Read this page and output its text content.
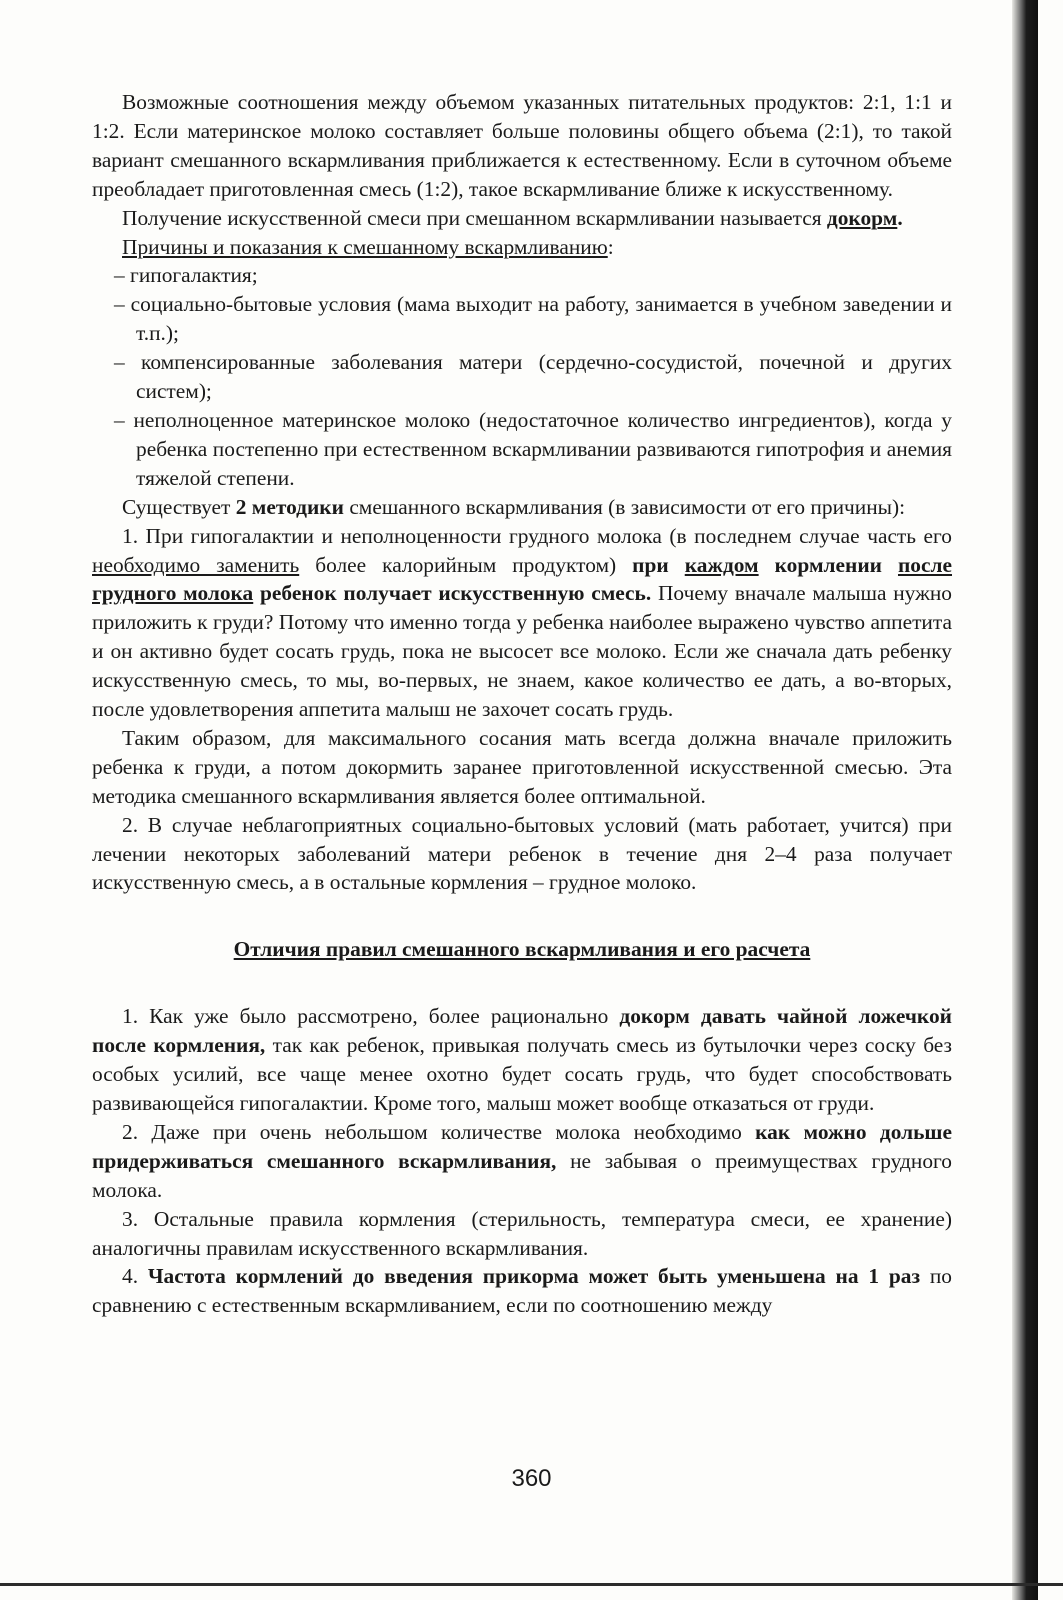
Возможные соотношения между объемом указанных питательных продуктов: 2:1, 1:1 и 1:2. Если материнское молоко составляет больше половины общего объема (2:1), то такой вариант смешанного вскармливания приближается к естественному. Если в суточном объеме преобладает приготовленная смесь (1:2), такое вскармливание ближе к искусственному.

Получение искусственной смеси при смешанном вскармливании называется докорм.

Причины и показания к смешанному вскармливанию:

– гипогалактия;
– социально-бытовые условия (мама выходит на работу, занимается в учебном заведении и т.п.);
– компенсированные заболевания матери (сердечно-сосудистой, почечной и других систем);
– неполноценное материнское молоко (недостаточное количество ингредиентов), когда у ребенка постепенно при естественном вскармливании развиваются гипотрофия и анемия тяжелой степени.

Существует 2 методики смешанного вскармливания (в зависимости от его причины):

1. При гипогалактии и неполноценности грудного молока (в последнем случае часть его необходимо заменить более калорийным продуктом) при каждом кормлении после грудного молока ребенок получает искусственную смесь. Почему вначале малыша нужно приложить к груди? Потому что именно тогда у ребенка наиболее выражено чувство аппетита и он активно будет сосать грудь, пока не высосет все молоко. Если же сначала дать ребенку искусственную смесь, то мы, во-первых, не знаем, какое количество ее дать, а во-вторых, после удовлетворения аппетита малыш не захочет сосать грудь.

Таким образом, для максимального сосания мать всегда должна вначале приложить ребенка к груди, а потом докормить заранее приготовленной искусственной смесью. Эта методика смешанного вскармливания является более оптимальной.

2. В случае неблагоприятных социально-бытовых условий (мать работает, учится) при лечении некоторых заболеваний матери ребенок в течение дня 2–4 раза получает искусственную смесь, а в остальные кормления – грудное молоко.

Отличия правил смешанного вскармливания и его расчета

1. Как уже было рассмотрено, более рационально докорм давать чайной ложечкой после кормления, так как ребенок, привыкая получать смесь из бутылочки через соску без особых усилий, все чаще менее охотно будет сосать грудь, что будет способствовать развивающейся гипогалактии. Кроме того, малыш может вообще отказаться от груди.

2. Даже при очень небольшом количестве молока необходимо как можно дольше придерживаться смешанного вскармливания, не забывая о преимуществах грудного молока.

3. Остальные правила кормления (стерильность, температура смеси, ее хранение) аналогичны правилам искусственного вскармливания.

4. Частота кормлений до введения прикорма может быть уменьшена на 1 раз по сравнению с естественным вскармливанием, если по соотношению между

360
